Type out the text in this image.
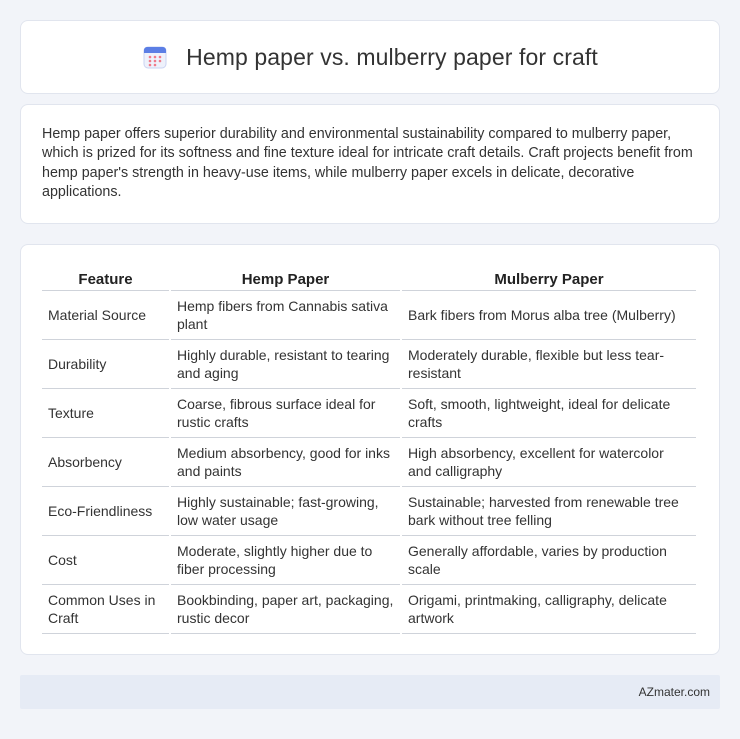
Hemp paper vs. mulberry paper for craft

Hemp paper offers superior durability and environmental sustainability compared to mulberry paper, which is prized for its softness and fine texture ideal for intricate craft details. Craft projects benefit from hemp paper's strength in heavy-use items, while mulberry paper excels in delicate, decorative applications.

Feature	Hemp Paper	Mulberry Paper
Material Source	Hemp fibers from Cannabis sativa plant	Bark fibers from Morus alba tree (Mulberry)
Durability	Highly durable, resistant to tearing and aging	Moderately durable, flexible but less tear-resistant
Texture	Coarse, fibrous surface ideal for rustic crafts	Soft, smooth, lightweight, ideal for delicate crafts
Absorbency	Medium absorbency, good for inks and paints	High absorbency, excellent for watercolor and calligraphy
Eco-Friendliness	Highly sustainable; fast-growing, low water usage	Sustainable; harvested from renewable tree bark without tree felling
Cost	Moderate, slightly higher due to fiber processing	Generally affordable, varies by production scale
Common Uses in Craft	Bookbinding, paper art, packaging, rustic decor	Origami, printmaking, calligraphy, delicate artwork
AZmater.com
